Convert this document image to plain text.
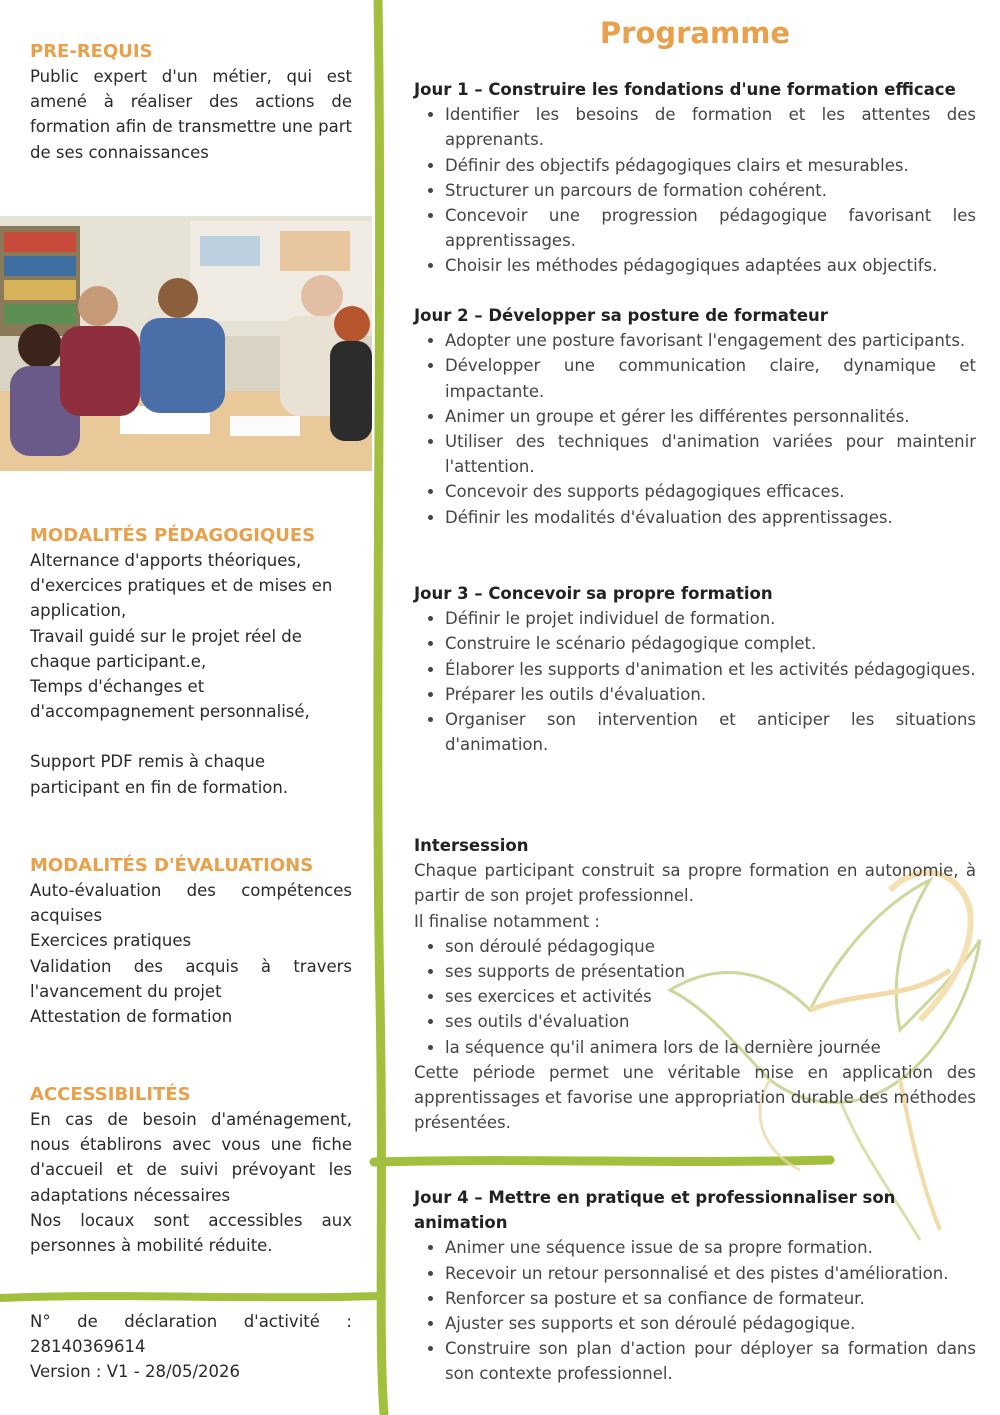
PRE-REQUIS

Public expert d'un métier, qui est amené à réaliser des actions de formation afin de transmettre une part de ses connaissances

MODALITÉS PÉDAGOGIQUES

Alternance d'apports théoriques, d'exercices pratiques et de mises en application,
Travail guidé sur le projet réel de chaque participant.e,
Temps d'échanges et d'accompagnement personnalisé,
Support PDF remis à chaque participant en fin de formation.

MODALITÉS D'ÉVALUATIONS

Auto-évaluation des compétences acquises
Exercices pratiques
Validation des acquis à travers l'avancement du projet
Attestation de formation

ACCESSIBILITÉS

En cas de besoin d'aménagement, nous établirons avec vous une fiche d'accueil et de suivi prévoyant les adaptations nécessaires
Nos locaux sont accessibles aux personnes à mobilité réduite.

N° de déclaration d'activité : 28140369614

Version : V1 - 28/05/2026

Programme

Jour 1 – Construire les fondations d'une formation efficace

• Identifier les besoins de formation et les attentes des apprenants.
• Définir des objectifs pédagogiques clairs et mesurables.
• Structurer un parcours de formation cohérent.
• Concevoir une progression pédagogique favorisant les apprentissages.
• Choisir les méthodes pédagogiques adaptées aux objectifs.

Jour 2 – Développer sa posture de formateur

• Adopter une posture favorisant l'engagement des participants.
• Développer une communication claire, dynamique et impactante.
• Animer un groupe et gérer les différentes personnalités.
• Utiliser des techniques d'animation variées pour maintenir l'attention.
• Concevoir des supports pédagogiques efficaces.
• Définir les modalités d'évaluation des apprentissages.

Jour 3 – Concevoir sa propre formation

• Définir le projet individuel de formation.
• Construire le scénario pédagogique complet.
• Élaborer les supports d'animation et les activités pédagogiques.
• Préparer les outils d'évaluation.
• Organiser son intervention et anticiper les situations d'animation.

Intersession

Chaque participant construit sa propre formation en autonomie, à partir de son projet professionnel.

Il finalise notamment :

• son déroulé pédagogique
• ses supports de présentation
• ses exercices et activités
• ses outils d'évaluation
• la séquence qu'il animera lors de la dernière journée

Cette période permet une véritable mise en application des apprentissages et favorise une appropriation durable des méthodes présentées.

Jour 4 – Mettre en pratique et professionnaliser son animation

• Animer une séquence issue de sa propre formation.
• Recevoir un retour personnalisé et des pistes d'amélioration.
• Renforcer sa posture et sa confiance de formateur.
• Ajuster ses supports et son déroulé pédagogique.
• Construire son plan d'action pour déployer sa formation dans son contexte professionnel.
